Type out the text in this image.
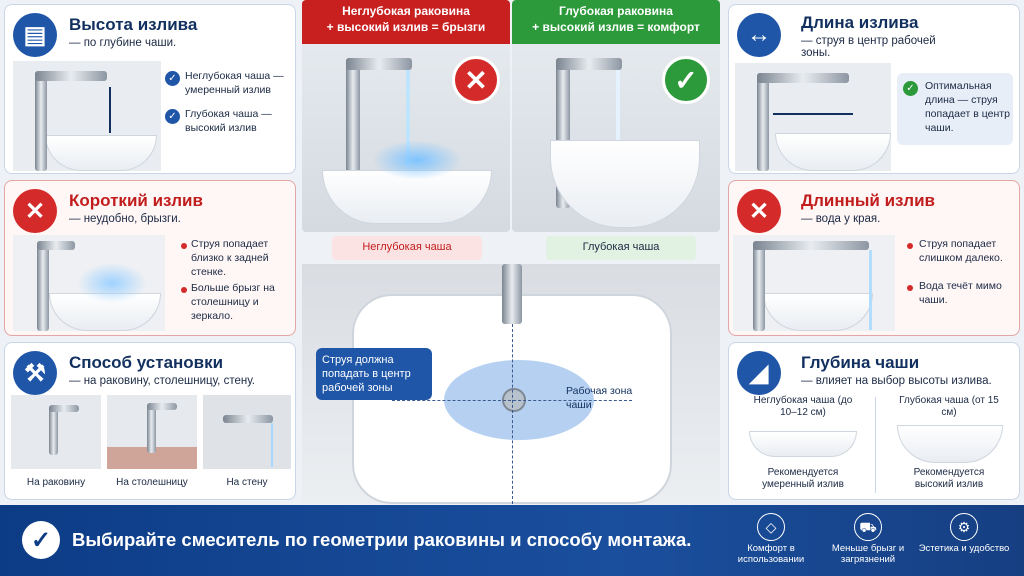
▤	Высота излива
— по глубине чаши.
✓ Неглубокая чаша — умеренный излив
✓ Глубокая чаша — высокий излив
✕	Короткий излив
— неудобно, брызги.
Струя попадает близко к задней стенке.
Больше брызг на столешницу и зеркало.
⚒	Способ установки
— на раковину, столешницу, стену.
На раковину	На столешницу	На стену
Неглубокая раковина
+ высокий излив = брызги
✕
Глубокая раковина
+ высокий излив = комфорт
✓
Неглубокая чаша	Глубокая чаша
Струя должна попадать в центр рабочей зоны	Рабочая зона чаши
↔	Длина излива
— струя в центр рабочей зоны.
✓ Оптимальная длина — струя попадает в центр чаши.
✕	Длинный излив
— вода у края.
Струя попадает слишком далеко.
Вода течёт мимо чаши.
◢	Глубина чаши
— влияет на выбор высоты излива.
Неглубокая чаша (до 10–12 см)
Рекомендуется умеренный излив
Глубокая чаша (от 15 см)
Рекомендуется высокий излив
✓	Выбирайте смеситель по геометрии раковины и способу монтажа.
◇
Комфорт в использовании
⛟
Меньше брызг и загрязнений
⚙
Эстетика и удобство
